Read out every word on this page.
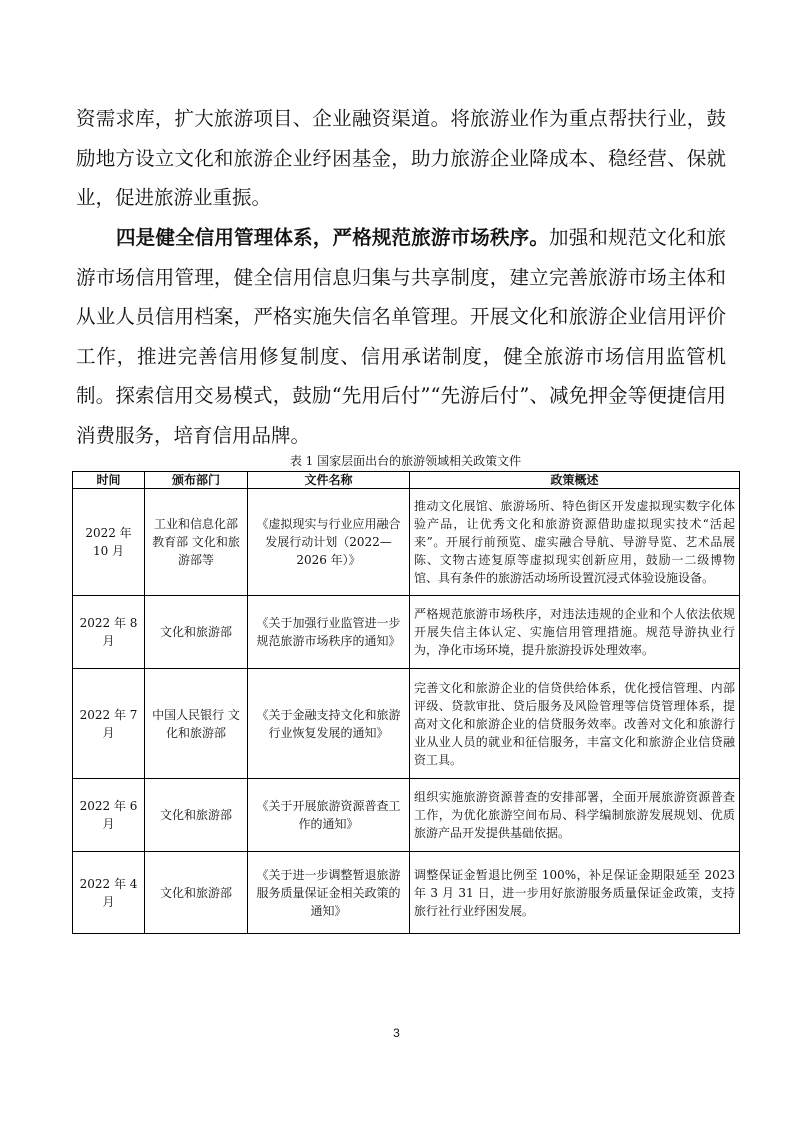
资需求库，扩大旅游项目、企业融资渠道。将旅游业作为重点帮扶行业，鼓励地方设立文化和旅游企业纾困基金，助力旅游企业降成本、稳经营、保就业，促进旅游业重振。

四是健全信用管理体系，严格规范旅游市场秩序。加强和规范文化和旅游市场信用管理，健全信用信息归集与共享制度，建立完善旅游市场主体和从业人员信用档案，严格实施失信名单管理。开展文化和旅游企业信用评价工作，推进完善信用修复制度、信用承诺制度，健全旅游市场信用监管机制。探索信用交易模式，鼓励“先用后付”“先游后付”、减免押金等便捷信用消费服务，培育信用品牌。

表 1 国家层面出台的旅游领域相关政策文件
时间	颁布部门	文件名称	政策概述
2022 年 10 月	工业和信息化部 教育部 文化和旅游部等	《虚拟现实与行业应用融合发展行动计划（2022—2026 年）》	推动文化展馆、旅游场所、特色街区开发虚拟现实数字化体验产品，让优秀文化和旅游资源借助虚拟现实技术“活起来”。开展行前预览、虚实融合导航、导游导览、艺术品展陈、文物古迹复原等虚拟现实创新应用，鼓励一二级博物馆、具有条件的旅游活动场所设置沉浸式体验设施设备。
2022 年 8 月	文化和旅游部	《关于加强行业监管进一步规范旅游市场秩序的通知》	严格规范旅游市场秩序，对违法违规的企业和个人依法依规开展失信主体认定、实施信用管理措施。规范导游执业行为，净化市场环境，提升旅游投诉处理效率。
2022 年 7 月	中国人民银行 文化和旅游部	《关于金融支持文化和旅游行业恢复发展的通知》	完善文化和旅游企业的信贷供给体系，优化授信管理、内部评级、贷款审批、贷后服务及风险管理等信贷管理体系，提高对文化和旅游企业的信贷服务效率。改善对文化和旅游行业从业人员的就业和征信服务，丰富文化和旅游企业信贷融资工具。
2022 年 6 月	文化和旅游部	《关于开展旅游资源普查工作的通知》	组织实施旅游资源普查的安排部署，全面开展旅游资源普查工作，为优化旅游空间布局、科学编制旅游发展规划、优质旅游产品开发提供基础依据。
2022 年 4 月	文化和旅游部	《关于进一步调整暂退旅游服务质量保证金相关政策的通知》	调整保证金暂退比例至 100%，补足保证金期限延至 2023 年 3 月 31 日，进一步用好旅游服务质量保证金政策，支持旅行社行业纾困发展。
3
